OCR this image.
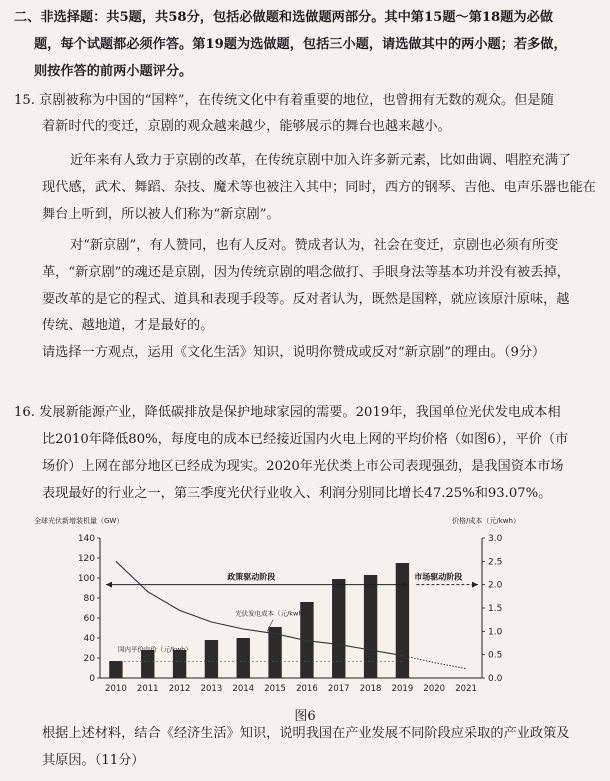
二、非选择题：共5题，共58分，包括必做题和选做题两部分。其中第15题～第18题为必做

题，每个试题都必须作答。第19题为选做题，包括三小题，请选做其中的两小题；若多做，

则按作答的前两小题评分。

15. 京剧被称为中国的“国粹”，在传统文化中有着重要的地位，也曾拥有无数的观众。但是随

着新时代的变迁，京剧的观众越来越少，能够展示的舞台也越来越小。

近年来有人致力于京剧的改革，在传统京剧中加入许多新元素，比如曲调、唱腔充满了

现代感，武术、舞蹈、杂技、魔术等也被注入其中；同时，西方的钢琴、吉他、电声乐器也能在

舞台上听到，所以被人们称为“新京剧”。

对“新京剧”，有人赞同，也有人反对。赞成者认为，社会在变迁，京剧也必须有所变

革，“新京剧”的魂还是京剧，因为传统京剧的唱念做打、手眼身法等基本功并没有被丢掉，

要改革的是它的程式、道具和表现手段等。反对者认为，既然是国粹，就应该原汁原味，越

传统、越地道，才是最好的。

请选择一方观点，运用《文化生活》知识，说明你赞成或反对“新京剧”的理由。（9分）

16. 发展新能源产业，降低碳排放是保护地球家园的需要。2019年，我国单位光伏发电成本相

比2010年降低80%，每度电的成本已经接近国内火电上网的平均价格（如图6），平价（市

场价）上网在部分地区已经成为现实。2020年光伏类上市公司表现强劲，是我国资本市场

表现最好的行业之一，第三季度光伏行业收入、利润分别同比增长47.25%和93.07%。

全球光伏新增装机量（GW）	价格/成本（元/kwh）
0
20
40
60
80
100
120
140
0.0
0.5
1.0
1.5
2.0
2.5
3.0
2010 2011 2012 2013 2014 2015 2016 2017 2018 2019 2020 2021
光伏发电成本（元/kwh）
国内平价电价（元/kwh）
政策驱动阶段	市场驱动阶段
图6

根据上述材料，结合《经济生活》知识，说明我国在产业发展不同阶段应采取的产业政策及

其原因。（11分）
